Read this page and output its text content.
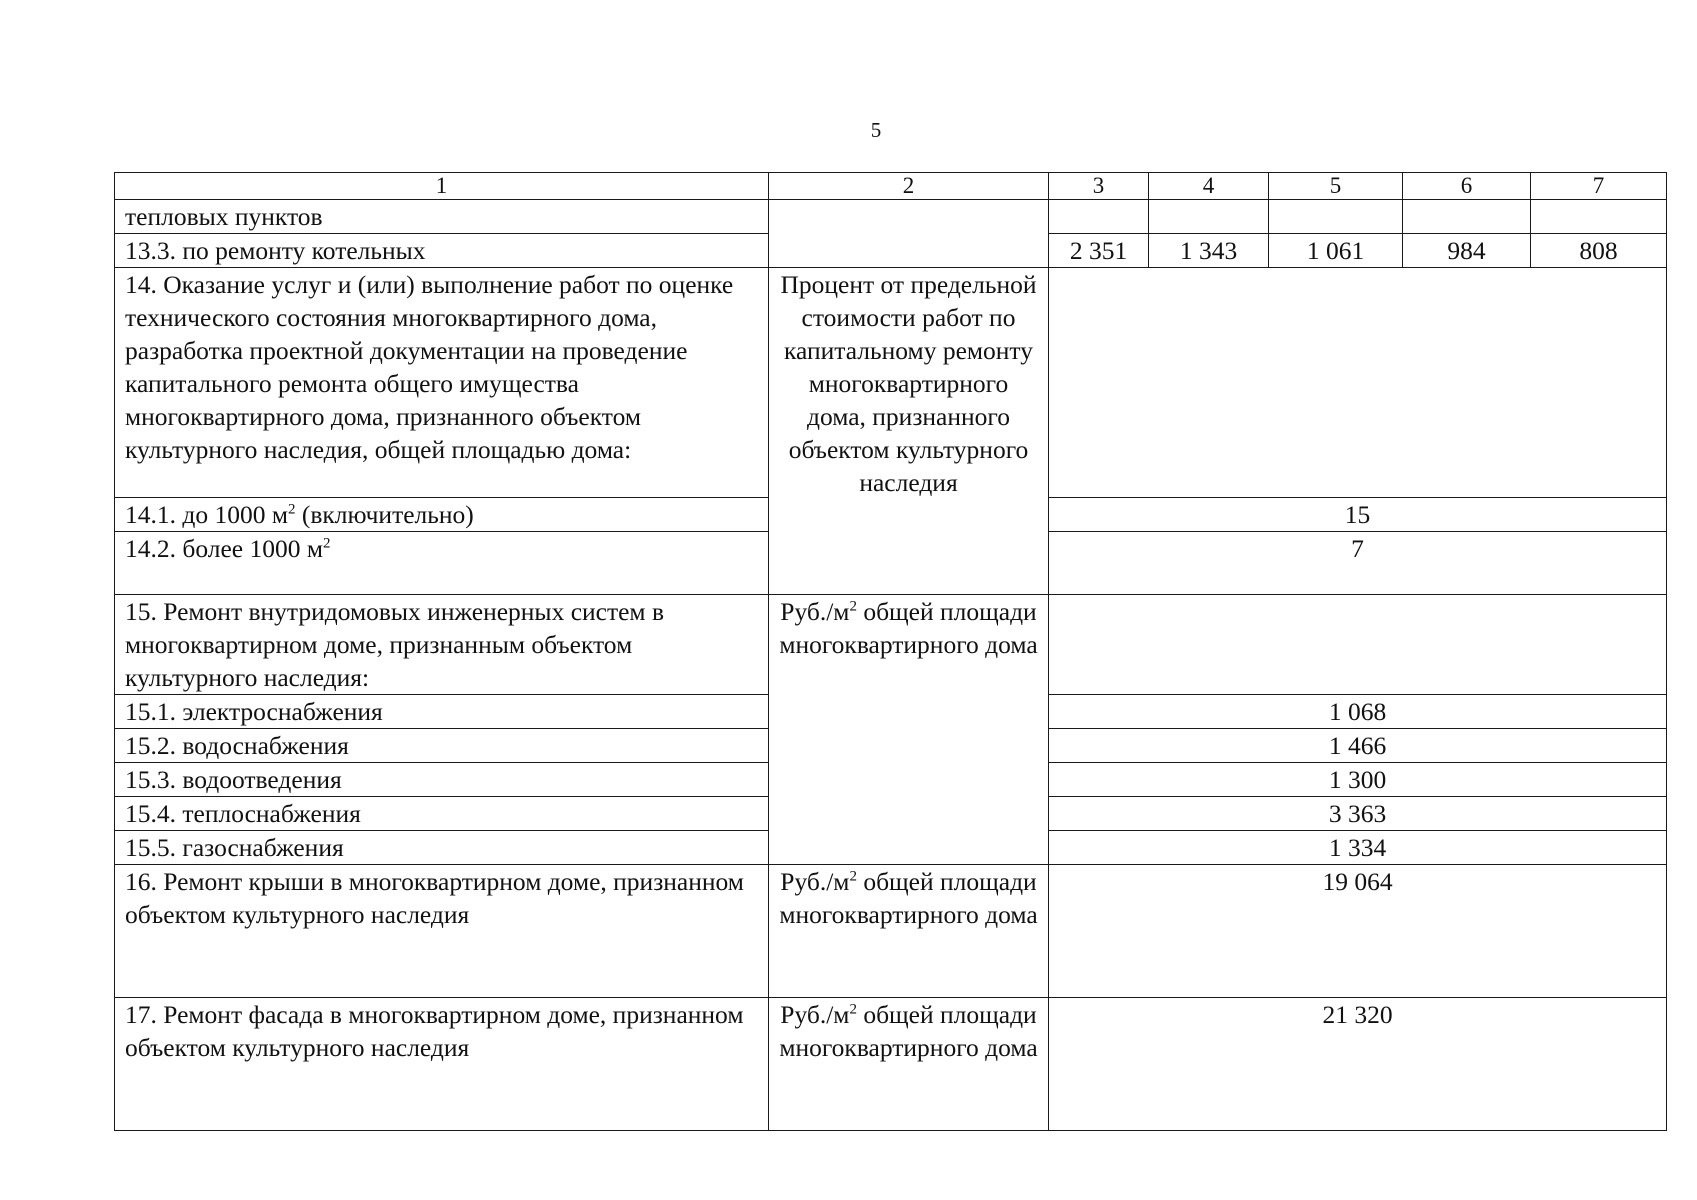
5
1	2	3	4	5	6	7
тепловых пунктов						
13.3. по ремонту котельных		2 351	1 343	1 061	984	808
14. Оказание услуг и (или) выполнение работ по оценке технического состояния многоквартирного дома, разработка проектной документации на проведение капитального ремонта общего имущества многоквартирного дома, признанного объектом культурного наследия, общей площадью дома:	Процент от предельной стоимости работ по капитальному ремонту многоквартирного дома, признанного объектом культурного наследия					
14.1. до 1000 $м^2$ (включительно)		15				
14.2. более 1000 $м^2$		7				
15. Ремонт внутридомовых инженерных систем в многоквартирном доме, признанным объектом культурного наследия:	$Руб./м^2$ общей площади многоквартирного дома					
15.1. электроснабжения		1 068				
15.2. водоснабжения		1 466				
15.3. водоотведения		1 300				
15.4. теплоснабжения		3 363				
15.5. газоснабжения		1 334				
16. Ремонт крыши в многоквартирном доме, признанном объектом культурного наследия	$Руб./м^2$ общей площади многоквартирного дома	19 064				
17. Ремонт фасада в многоквартирном доме, признанном объектом культурного наследия	$Руб./м^2$ общей площади многоквартирного дома	21 320				
